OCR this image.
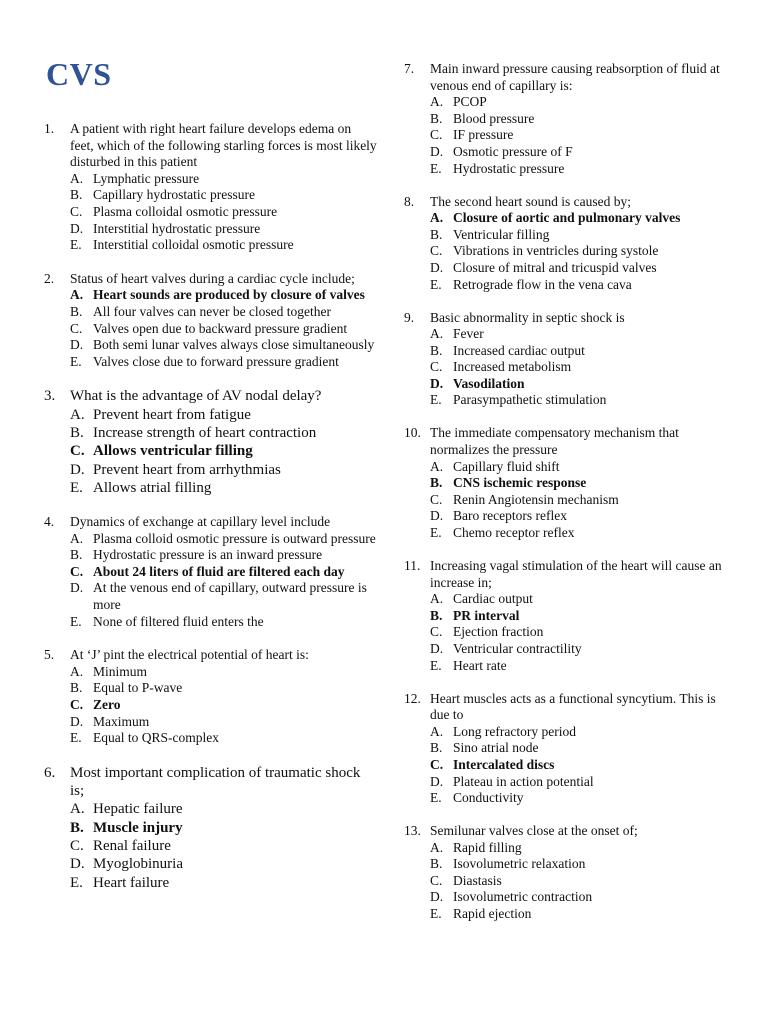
CVS
1.	A patient with right heart failure develops edema on feet, which of the following starling forces is most likely disturbed in this patient
A. Lymphatic pressure
B. Capillary hydrostatic pressure
C. Plasma colloidal osmotic pressure
D. Interstitial hydrostatic pressure
E. Interstitial colloidal osmotic pressure
2.	Status of heart valves during a cardiac cycle include;
A. Heart sounds are produced by closure of valves
B. All four valves can never be closed together
C. Valves open due to backward pressure gradient
D. Both semi lunar valves always close simultaneously
E. Valves close due to forward pressure gradient
3. What is the advantage of AV nodal delay?
A. Prevent heart from fatigue
B. Increase strength of heart contraction
C. Allows ventricular filling
D. Prevent heart from arrhythmias
E. Allows atrial filling
4.	Dynamics of exchange at capillary level include
A. Plasma colloid osmotic pressure is outward pressure
B. Hydrostatic pressure is an inward pressure
C. About 24 liters of fluid are filtered each day
D. At the venous end of capillary, outward pressure is more
E. None of filtered fluid enters the
5.	At ‘J’ pint the electrical potential of heart is:
A. Minimum
B. Equal to P-wave
C. Zero
D. Maximum
E. Equal to QRS-complex
6. Most important complication of traumatic shock is;
A. Hepatic failure
B. Muscle injury
C. Renal failure
D. Myoglobinuria
E. Heart failure
7.	Main inward pressure causing reabsorption of fluid at venous end of capillary is:
A. PCOP
B. Blood pressure
C. IF pressure
D. Osmotic pressure of F
E. Hydrostatic pressure
8.	The second heart sound is caused by;
A. Closure of aortic and pulmonary valves
B. Ventricular filling
C. Vibrations in ventricles during systole
D. Closure of mitral and tricuspid valves
E. Retrograde flow in the vena cava
9.	Basic abnormality in septic shock is
A. Fever
B. Increased cardiac output
C. Increased metabolism
D. Vasodilation
E. Parasympathetic stimulation
10. The immediate compensatory mechanism that normalizes the pressure
A. Capillary fluid shift
B. CNS ischemic response
C. Renin Angiotensin mechanism
D. Baro receptors reflex
E. Chemo receptor reflex
11. Increasing vagal stimulation of the heart will cause an increase in;
A. Cardiac output
B. PR interval
C. Ejection fraction
D. Ventricular contractility
E. Heart rate
12. Heart muscles acts as a functional syncytium. This is due to
A. Long refractory period
B. Sino atrial node
C. Intercalated discs
D. Plateau in action potential
E. Conductivity
13. Semilunar valves close at the onset of;
A. Rapid filling
B. Isovolumetric relaxation
C. Diastasis
D. Isovolumetric contraction
E. Rapid ejection
